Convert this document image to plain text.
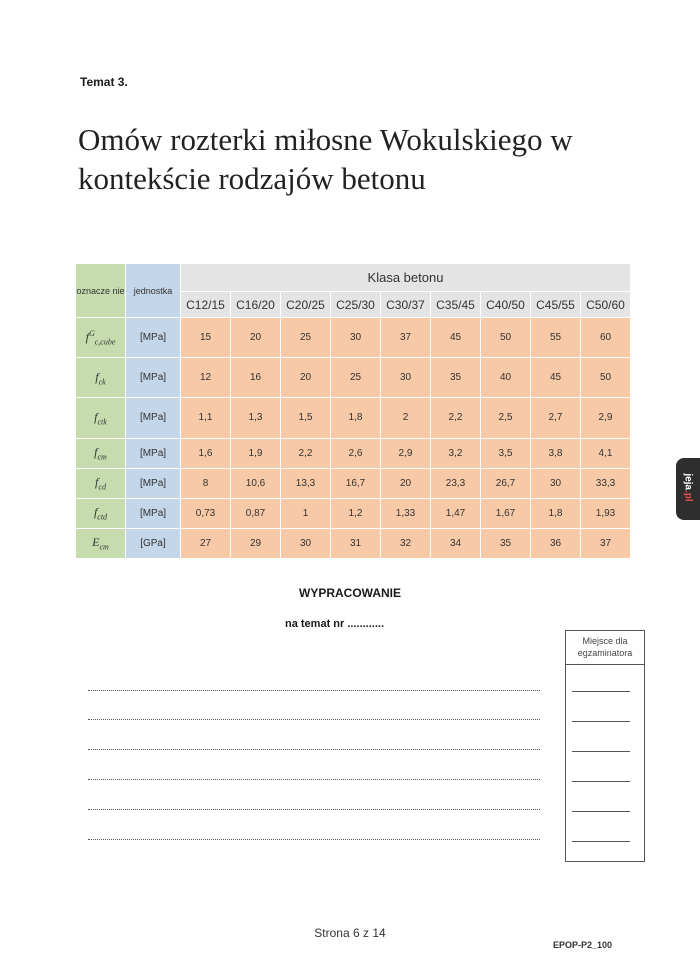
Temat 3.
Omów rozterki miłosne Wokulskiego w kontekście rodzajów betonu
oznacze nie	jednostka	Klasa betonu								
		C12/15	C16/20	C20/25	C25/30	C30/37	C35/45	C40/50	C45/55	C50/60
$f^G_{c,cube}$	[MPa]	15	20	25	30	37	45	50	55	60
$f_{ck}$	[MPa]	12	16	20	25	30	35	40	45	50
$f_{ctk}$	[MPa]	1,1	1,3	1,5	1,8	2	2,2	2,5	2,7	2,9
$f_{cm}$	[MPa]	1,6	1,9	2,2	2,6	2,9	3,2	3,5	3,8	4,1
$f_{cd}$	[MPa]	8	10,6	13,3	16,7	20	23,3	26,7	30	33,3
$f_{ctd}$	[MPa]	0,73	0,87	1	1,2	1,33	1,47	1,67	1,8	1,93
$E_{cm}$	[GPa]	27	29	30	31	32	34	35	36	37
WYPRACOWANIE
na temat nr ............
Miejsce dla egzaminatora
Strona 6 z 14
EPOP-P2_100
jeja.pl
